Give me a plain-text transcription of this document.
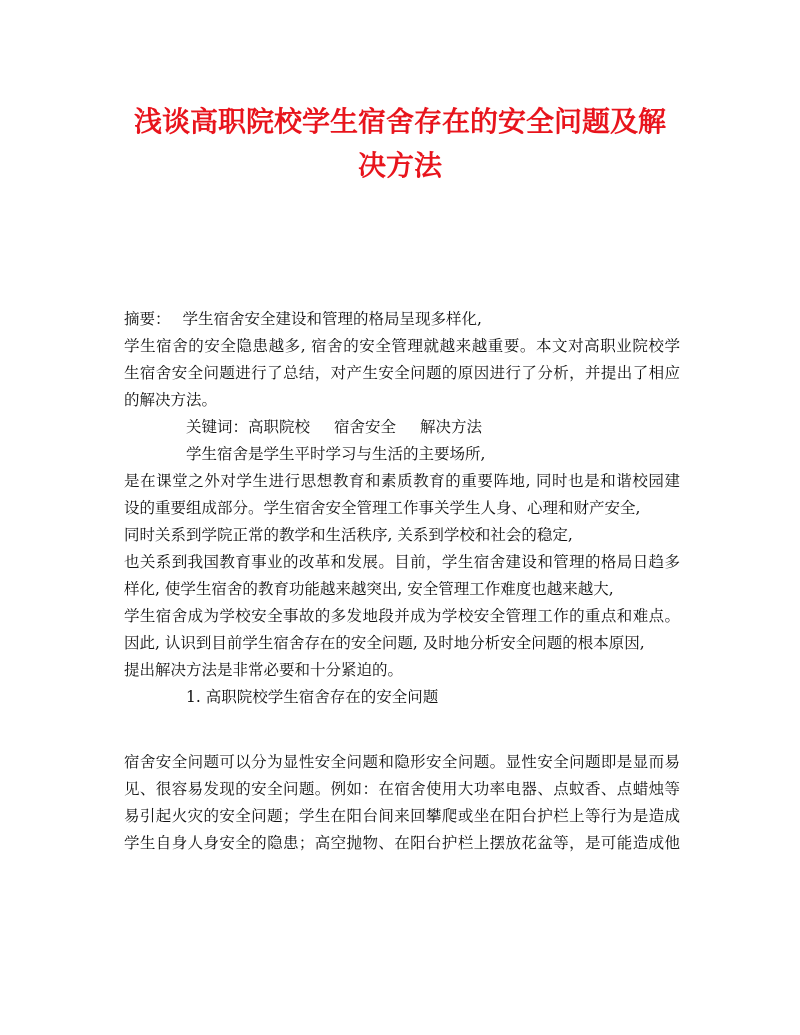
浅谈高职院校学生宿舍存在的安全问题及解
决方法
摘要： 学生宿舍安全建设和管理的格局呈现多样化,
学生宿舍的安全隐患越多, 宿舍的安全管理就越来越重要。本文对高职业院校学
生宿舍安全问题进行了总结，对产生安全问题的原因进行了分析，并提出了相应
的解决方法。
关键词：高职院校 宿舍安全 解决方法
学生宿舍是学生平时学习与生活的主要场所,
是在课堂之外对学生进行思想教育和素质教育的重要阵地, 同时也是和谐校园建
设的重要组成部分。学生宿舍安全管理工作事关学生人身、心理和财产安全,
同时关系到学院正常的教学和生活秩序, 关系到学校和社会的稳定,
也关系到我国教育事业的改革和发展。目前，学生宿舍建设和管理的格局日趋多
样化, 使学生宿舍的教育功能越来越突出, 安全管理工作难度也越来越大,
学生宿舍成为学校安全事故的多发地段并成为学校安全管理工作的重点和难点。
因此, 认识到目前学生宿舍存在的安全问题, 及时地分析安全问题的根本原因,
提出解决方法是非常必要和十分紧迫的。
1. 高职院校学生宿舍存在的安全问题
宿舍安全问题可以分为显性安全问题和隐形安全问题。显性安全问题即是显而易
见、很容易发现的安全问题。例如：在宿舍使用大功率电器、点蚊香、点蜡烛等
易引起火灾的安全问题；学生在阳台间来回攀爬或坐在阳台护栏上等行为是造成
学生自身人身安全的隐患；高空抛物、在阳台护栏上摆放花盆等，是可能造成他
